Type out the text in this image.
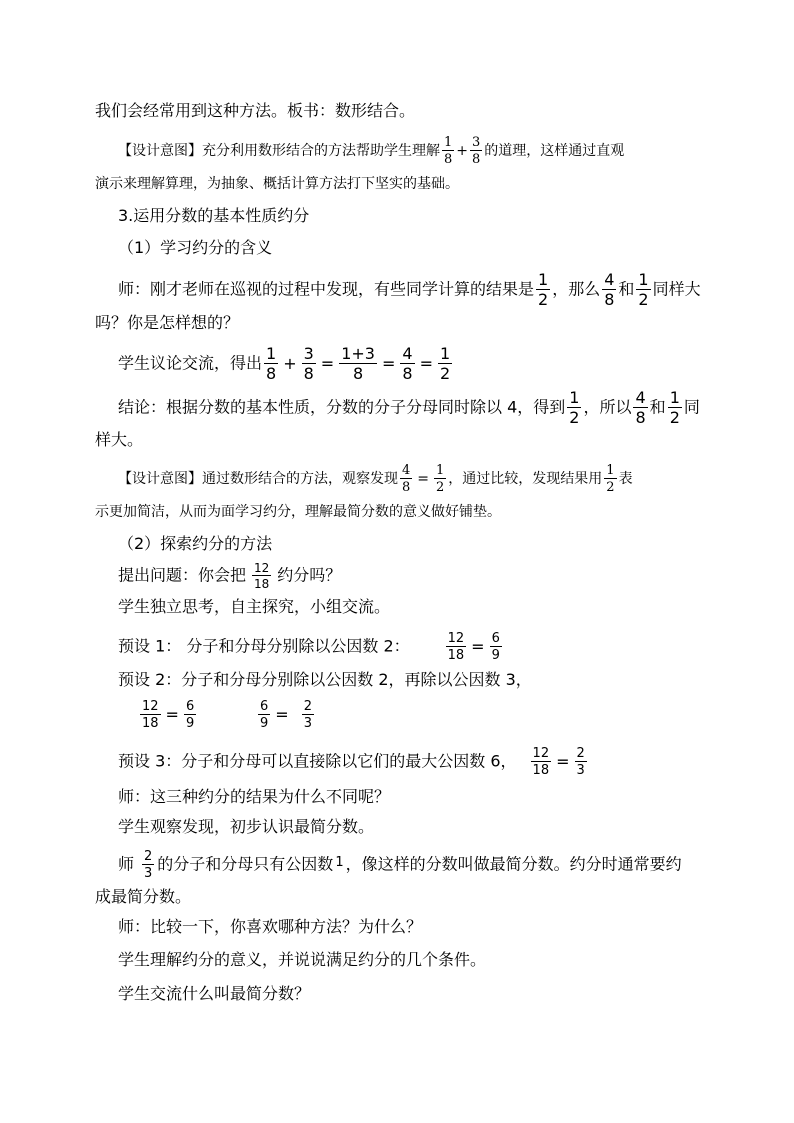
我们会经常用到这种方法。板书：数形结合。
【设计意图】充分利用数形结合的方法帮助学生理解 $\frac{1}{8} + \frac{3}{8}$ 的道理，这样通过直观
演示来理解算理，为抽象、概括计算方法打下坚实的基础。
3.运用分数的基本性质约分
（1）学习约分的含义
师：刚才老师在巡视的过程中发现，有些同学计算的结果是 $\frac{1}{2}$ ，那么 $\frac{4}{8}$ 和 $\frac{1}{2}$ 同样大
吗？你是怎样想的？
学生议论交流，得出 $\frac{1}{8} + \frac{3}{8} = \frac{1+3}{8} = \frac{4}{8} = \frac{1}{2}$
结论：根据分数的基本性质，分数的分子分母同时除以 4，得到 $\frac{1}{2}$ ，所以 $\frac{4}{8}$ 和 $\frac{1}{2}$ 同
样大。
【设计意图】通过数形结合的方法，观察发现 $\frac{4}{8} = \frac{1}{2}$ ，通过比较，发现结果用 $\frac{1}{2}$ 表
示更加简洁，从而为面学习约分，理解最简分数的意义做好铺垫。
（2）探索约分的方法
提出问题：你会把 $\frac{12}{18}$ 约分吗？
学生独立思考，自主探究，小组交流。
预设 1： 分子和分母分别除以公因数 2：	$\frac{12}{18} = \frac{6}{9}$
预设 2：分子和分母分别除以公因数 2，再除以公因数 3，
$\frac{12}{18} = \frac{6}{9}$	$\frac{6}{9} = \frac{2}{3}$
预设 3：分子和分母可以直接除以它们的最大公因数 6， $\frac{12}{18} = \frac{2}{3}$
师：这三种约分的结果为什么不同呢？
学生观察发现，初步认识最简分数。
师 $\frac{2}{3}$ 的分子和分母只有公因数 $^1$ ，像这样的分数叫做最简分数。约分时通常要约
成最简分数。
师：比较一下，你喜欢哪种方法？为什么？
学生理解约分的意义，并说说满足约分的几个条件。
学生交流什么叫最简分数？
